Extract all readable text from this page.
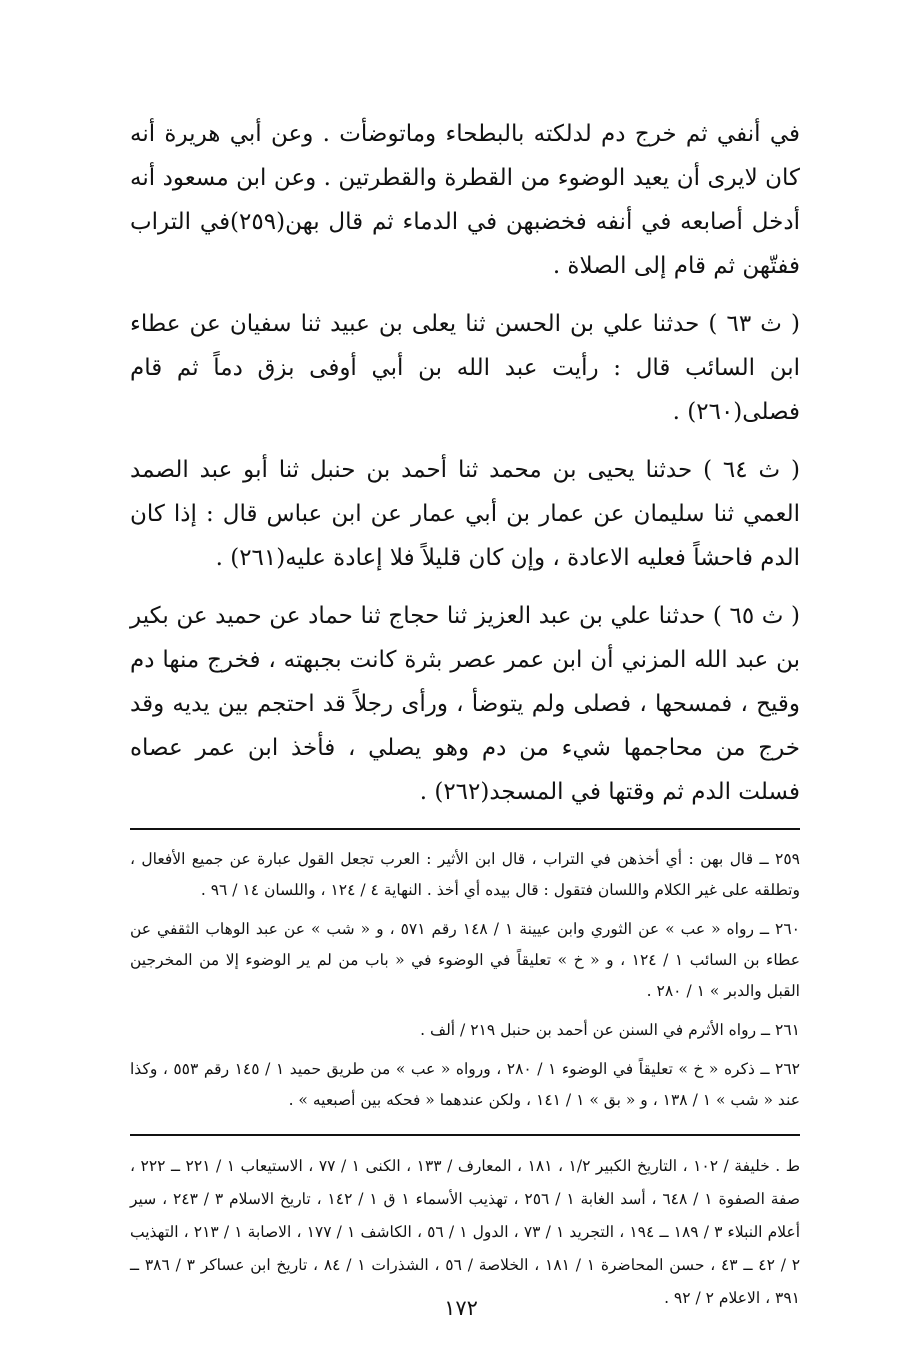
في أنفي ثم خرج دم لدلكته بالبطحاء وماتوضأت . وعن أبي هريرة أنه كان لايرى أن يعيد الوضوء من القطرة والقطرتين . وعن ابن مسعود أنه أدخل أصابعه في أنفه فخضبهن في الدماء ثم قال بهن(٢٥٩)في التراب ففتّهن ثم قام إلى الصلاة .

( ث ٦٣ ) حدثنا علي بن الحسن ثنا يعلى بن عبيد ثنا سفيان عن عطاء ابن السائب قال : رأيت عبد الله بن أبي أوفى بزق دماً ثم قام فصلى(٢٦٠) .

( ث ٦٤ ) حدثنا يحيى بن محمد ثنا أحمد بن حنبل ثنا أبو عبد الصمد العمي ثنا سليمان عن عمار بن أبي عمار عن ابن عباس قال : إذا كان الدم فاحشاً فعليه الاعادة ، وإن كان قليلاً فلا إعادة عليه(٢٦١) .

( ث ٦٥ ) حدثنا علي بن عبد العزيز ثنا حجاج ثنا حماد عن حميد عن بكير بن عبد الله المزني أن ابن عمر عصر بثرة كانت بجبهته ، فخرج منها دم وقيح ، فمسحها ، فصلى ولم يتوضأ ، ورأى رجلاً قد احتجم بين يديه وقد خرج من محاجمها شيء من دم وهو يصلي ، فأخذ ابن عمر عصاه فسلت الدم ثم وقتها في المسجد(٢٦٢) .

٢٥٩ ــ قال بهن : أي أخذهن في التراب ، قال ابن الأثير : العرب تجعل القول عبارة عن جميع الأفعال ، وتطلقه على غير الكلام واللسان فتقول : قال بيده أي أخذ . النهاية ٤ / ١٢٤ ، واللسان ١٤ / ٩٦ .

٢٦٠ ــ رواه « عب » عن الثوري وابن عيينة ١ / ١٤٨ رقم ٥٧١ ، و « شب » عن عبد الوهاب الثقفي عن عطاء بن السائب ١ / ١٢٤ ، و « خ » تعليقاً في الوضوء في « باب من لم ير الوضوء إلا من المخرجين القبل والدبر » ١ / ٢٨٠ .

٢٦١ ــ رواه الأثرم في السنن عن أحمد بن حنبل ٢١٩ / ألف .

٢٦٢ ــ ذكره « خ » تعليقاً في الوضوء ١ / ٢٨٠ ، ورواه « عب » من طريق حميد ١ / ١٤٥ رقم ٥٥٣ ، وكذا عند « شب » ١ / ١٣٨ ، و « بق » ١ / ١٤١ ، ولكن عندهما « فحكه بين أصبعيه » .

ط . خليفة / ١٠٢ ، التاريخ الكبير ١/٢ ، ١٨١ ، المعارف / ١٣٣ ، الكنى ١ / ٧٧ ، الاستيعاب ١ / ٢٢١ ــ ٢٢٢ ، صفة الصفوة ١ / ٦٤٨ ، أسد الغابة ١ / ٢٥٦ ، تهذيب الأسماء ١ ق ١ / ١٤٢ ، تاريخ الاسلام ٣ / ٢٤٣ ، سير أعلام النبلاء ٣ / ١٨٩ ــ ١٩٤ ، التجريد ١ / ٧٣ ، الدول ١ / ٥٦ ، الكاشف ١ / ١٧٧ ، الاصابة ١ / ٢١٣ ، التهذيب ٢ / ٤٢ ــ ٤٣ ، حسن المحاضرة ١ / ١٨١ ، الخلاصة / ٥٦ ، الشذرات ١ / ٨٤ ، تاريخ ابن عساكر ٣ / ٣٨٦ ــ ٣٩١ ، الاعلام ٢ / ٩٢ .

١٧٢
